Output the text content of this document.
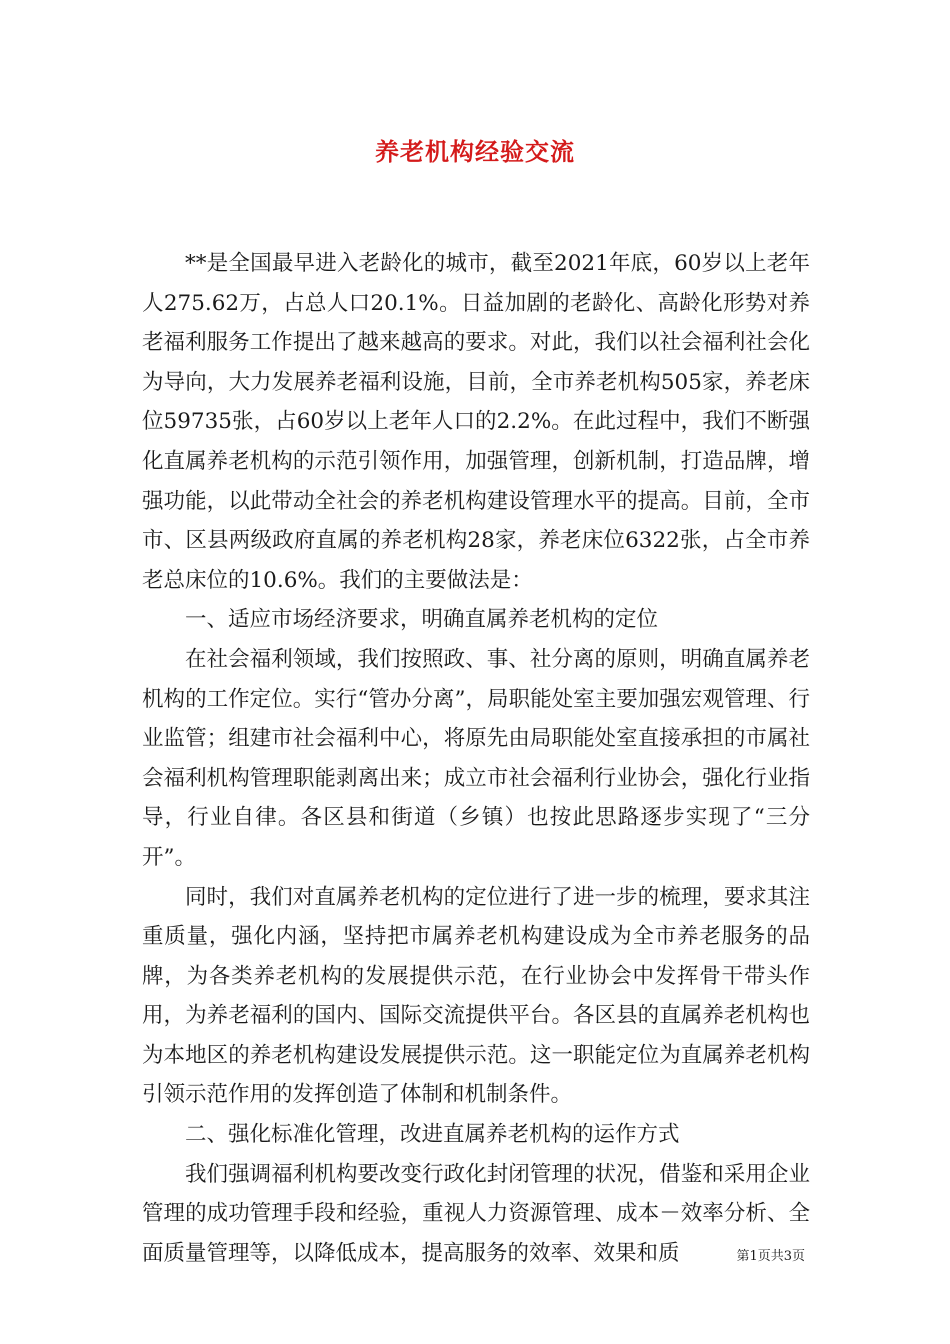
养老机构经验交流

**是全国最早进入老龄化的城市，截至2021年底，60岁以上老年人275.62万，占总人口20.1%。日益加剧的老龄化、高龄化形势对养老福利服务工作提出了越来越高的要求。对此，我们以社会福利社会化为导向，大力发展养老福利设施，目前，全市养老机构505家，养老床位59735张，占60岁以上老年人口的2.2%。在此过程中，我们不断强化直属养老机构的示范引领作用，加强管理，创新机制，打造品牌，增强功能，以此带动全社会的养老机构建设管理水平的提高。目前，全市市、区县两级政府直属的养老机构28家，养老床位6322张，占全市养老总床位的10.6%。我们的主要做法是：

一、适应市场经济要求，明确直属养老机构的定位

在社会福利领域，我们按照政、事、社分离的原则，明确直属养老机构的工作定位。实行“管办分离”，局职能处室主要加强宏观管理、行业监管；组建市社会福利中心，将原先由局职能处室直接承担的市属社会福利机构管理职能剥离出来；成立市社会福利行业协会，强化行业指导，行业自律。各区县和街道（乡镇）也按此思路逐步实现了“三分开”。

同时，我们对直属养老机构的定位进行了进一步的梳理，要求其注重质量，强化内涵，坚持把市属养老机构建设成为全市养老服务的品牌，为各类养老机构的发展提供示范，在行业协会中发挥骨干带头作用，为养老福利的国内、国际交流提供平台。各区县的直属养老机构也为本地区的养老机构建设发展提供示范。这一职能定位为直属养老机构引领示范作用的发挥创造了体制和机制条件。

二、强化标准化管理，改进直属养老机构的运作方式

我们强调福利机构要改变行政化封闭管理的状况，借鉴和采用企业管理的成功管理手段和经验，重视人力资源管理、成本－效率分析、全面质量管理等，以降低成本，提高服务的效率、效果和质	第1页共3页
